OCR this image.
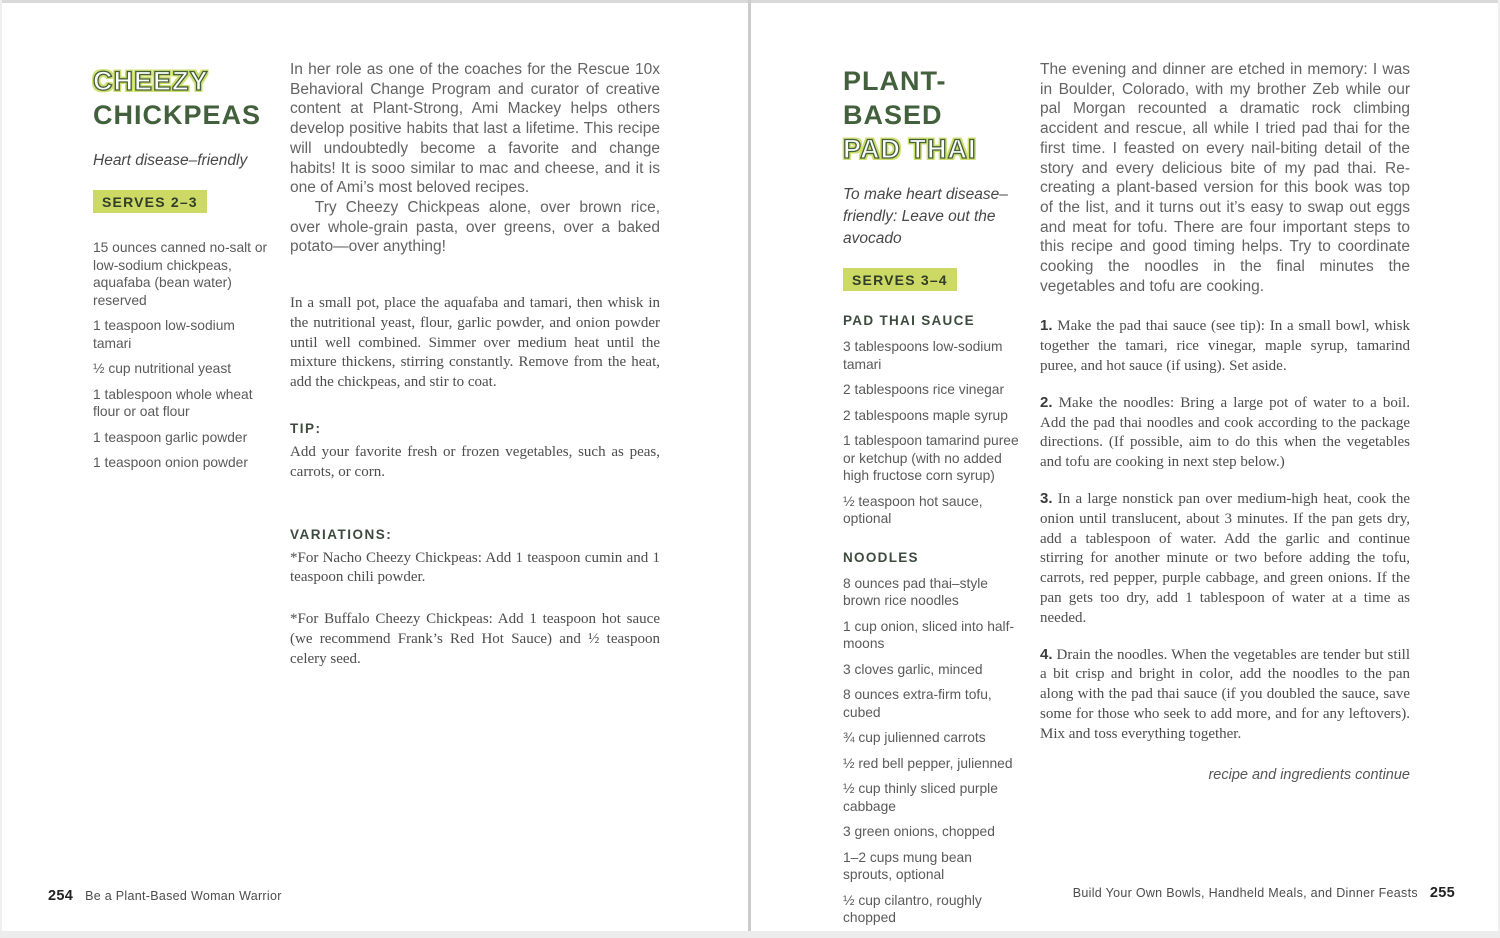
CHEEZY
CHICKPEAS
Heart disease–friendly
SERVES 2–3
15 ounces canned no-salt or low-sodium chickpeas, aquafaba (bean water) reserved
1 teaspoon low-sodium tamari
½ cup nutritional yeast
1 tablespoon whole wheat flour or oat flour
1 teaspoon garlic powder
1 teaspoon onion powder

In her role as one of the coaches for the Rescue 10x Behavioral Change Program and curator of creative content at Plant-Strong, Ami Mackey helps others develop positive habits that last a lifetime. This recipe will undoubtedly become a favorite and change habits! It is sooo similar to mac and cheese, and it is one of Ami’s most beloved recipes.

Try Cheezy Chickpeas alone, over brown rice, over whole-grain pasta, over greens, over a baked potato—over anything!

In a small pot, place the aquafaba and tamari, then whisk in the nutritional yeast, flour, garlic powder, and onion powder until well combined. Simmer over medium heat until the mixture thickens, stirring constantly. Remove from the heat, add the chickpeas, and stir to coat.
TIP:
Add your favorite fresh or frozen vegetables, such as peas, carrots, or corn.
VARIATIONS:
*For Nacho Cheezy Chickpeas: Add 1 teaspoon cumin and 1 teaspoon chili powder.
*For Buffalo Cheezy Chickpeas: Add 1 teaspoon hot sauce (we recommend Frank’s Red Hot Sauce) and ½ teaspoon celery seed.
254 Be a Plant-Based Woman Warrior
PLANT-
BASED
PAD THAI
To make heart disease–friendly: Leave out the avocado
SERVES 3–4
PAD THAI SAUCE
3 tablespoons low-sodium tamari
2 tablespoons rice vinegar
2 tablespoons maple syrup
1 tablespoon tamarind puree or ketchup (with no added high fructose corn syrup)
½ teaspoon hot sauce, optional
NOODLES
8 ounces pad thai–style brown rice noodles
1 cup onion, sliced into half-moons
3 cloves garlic, minced
8 ounces extra-firm tofu, cubed
¾ cup julienned carrots
½ red bell pepper, julienned
½ cup thinly sliced purple cabbage
3 green onions, chopped
1–2 cups mung bean sprouts, optional
½ cup cilantro, roughly chopped

The evening and dinner are etched in memory: I was in Boulder, Colorado, with my brother Zeb while our pal Morgan recounted a dramatic rock climbing accident and rescue, all while I tried pad thai for the first time. I feasted on every nail-biting detail of the story and every delicious bite of my pad thai. Re-creating a plant-based version for this book was top of the list, and it turns out it’s easy to swap out eggs and meat for tofu. There are four important steps to this recipe and good timing helps. Try to coordinate cooking the noodles in the final minutes the vegetables and tofu are cooking.

1. Make the pad thai sauce (see tip): In a small bowl, whisk together the tamari, rice vinegar, maple syrup, tamarind puree, and hot sauce (if using). Set aside.

2. Make the noodles: Bring a large pot of water to a boil. Add the pad thai noodles and cook according to the package directions. (If possible, aim to do this when the vegetables and tofu are cooking in next step below.)

3. In a large nonstick pan over medium-high heat, cook the onion until translucent, about 3 minutes. If the pan gets dry, add a tablespoon of water. Add the garlic and continue stirring for another minute or two before adding the tofu, carrots, red pepper, purple cabbage, and green onions. If the pan gets too dry, add 1 tablespoon of water at a time as needed.

4. Drain the noodles. When the vegetables are tender but still a bit crisp and bright in color, add the noodles to the pan along with the pad thai sauce (if you doubled the sauce, save some for those who seek to add more, and for any leftovers). Mix and toss everything together.

recipe and ingredients continue
Build Your Own Bowls, Handheld Meals, and Dinner Feasts 255
